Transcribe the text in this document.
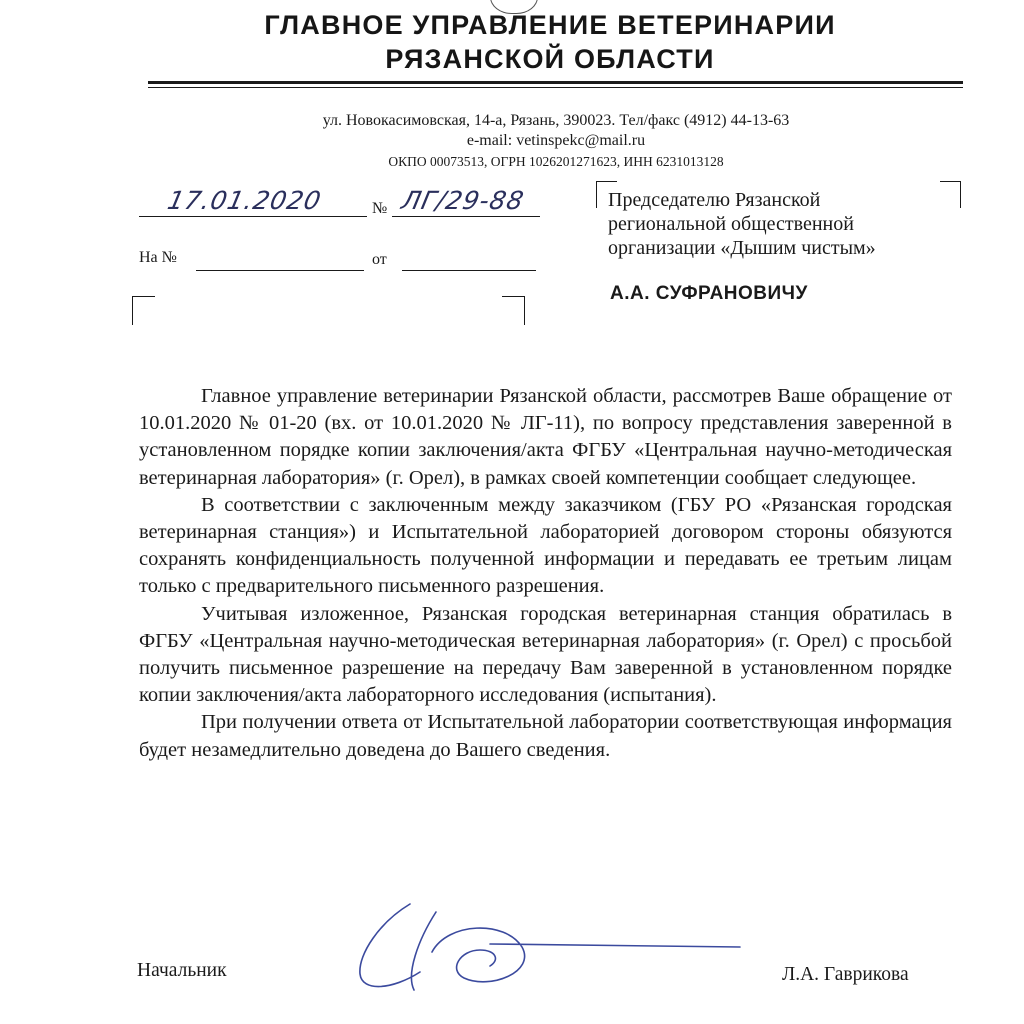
ГЛАВНОЕ УПРАВЛЕНИЕ ВЕТЕРИНАРИИ
РЯЗАНСКОЙ ОБЛАСТИ
ул. Новокасимовская, 14-а, Рязань, 390023. Тел/факс (4912) 44-13-63
e-mail: vetinspekc@mail.ru
ОКПО 00073513, ОГРН 1026201271623, ИНН 6231013128
17.01.2020	№ ЛГ/29-88
На №	от
Председателю Рязанской
региональной общественной
организации «Дышим чистым»
А.А. СУФРАНОВИЧУ

Главное управление ветеринарии Рязанской области, рассмотрев Ваше обращение от 10.01.2020 № 01-20 (вх. от 10.01.2020 № ЛГ-11), по вопросу представления заверенной в установленном порядке копии заключения/акта ФГБУ «Центральная научно-методическая ветеринарная лаборатория» (г. Орел), в рамках своей компетенции сообщает следующее.

В соответствии с заключенным между заказчиком (ГБУ РО «Рязанская городская ветеринарная станция») и Испытательной лабораторией договором стороны обязуются сохранять конфиденциальность полученной информации и передавать ее третьим лицам только с предварительного письменного разрешения.

Учитывая изложенное, Рязанская городская ветеринарная станция обратилась в ФГБУ «Центральная научно-методическая ветеринарная лаборатория» (г. Орел) с просьбой получить письменное разрешение на передачу Вам заверенной в установленном порядке копии заключения/акта лабораторного исследования (испытания).

При получении ответа от Испытательной лаборатории соответствующая информация будет незамедлительно доведена до Вашего сведения.

Начальник	Л.А. Гаврикова
